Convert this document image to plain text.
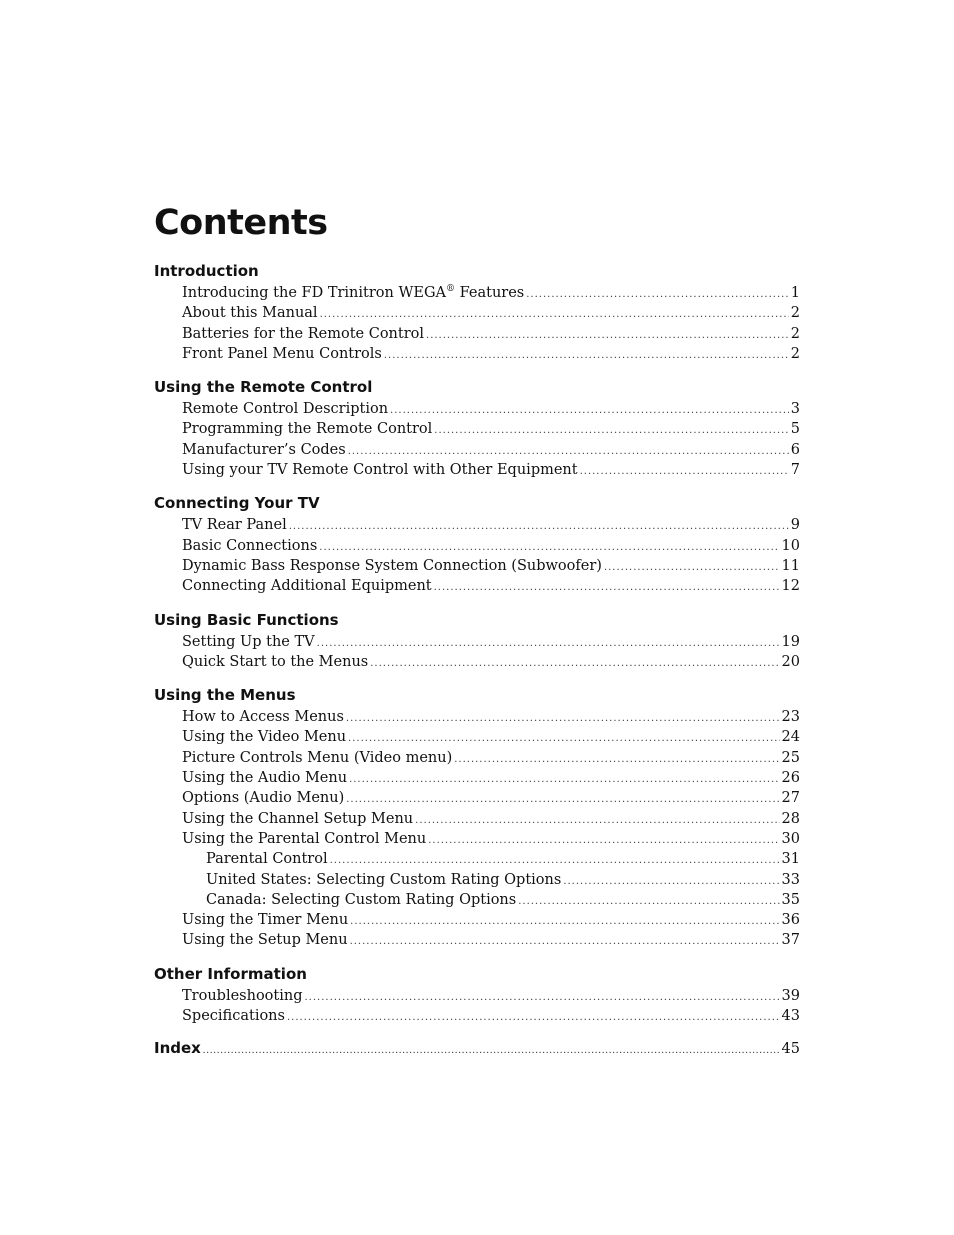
Contents
Introduction
Introducing the FD Trinitron WEGA® Features .....	1
About this Manual .....	2
Batteries for the Remote Control .....	2
Front Panel Menu Controls .....	2
Using the Remote Control
Remote Control Description .....	3
Programming the Remote Control .....	5
Manufacturer’s Codes .....	6
Using your TV Remote Control with Other Equipment .....	7
Connecting Your TV
TV Rear Panel .....	9
Basic Connections .....	10
Dynamic Bass Response System Connection (Subwoofer) .....	11
Connecting Additional Equipment .....	12
Using Basic Functions
Setting Up the TV .....	19
Quick Start to the Menus .....	20
Using the Menus
How to Access Menus .....	23
Using the Video Menu .....	24
Picture Controls Menu (Video menu) .....	25
Using the Audio Menu .....	26
Options (Audio Menu) .....	27
Using the Channel Setup Menu .....	28
Using the Parental Control Menu .....	30
Parental Control .....	31
United States: Selecting Custom Rating Options .....	33
Canada: Selecting Custom Rating Options .....	35
Using the Timer Menu .....	36
Using the Setup Menu .....	37
Other Information
Troubleshooting .....	39
Specifications .....	43
Index .....	45
